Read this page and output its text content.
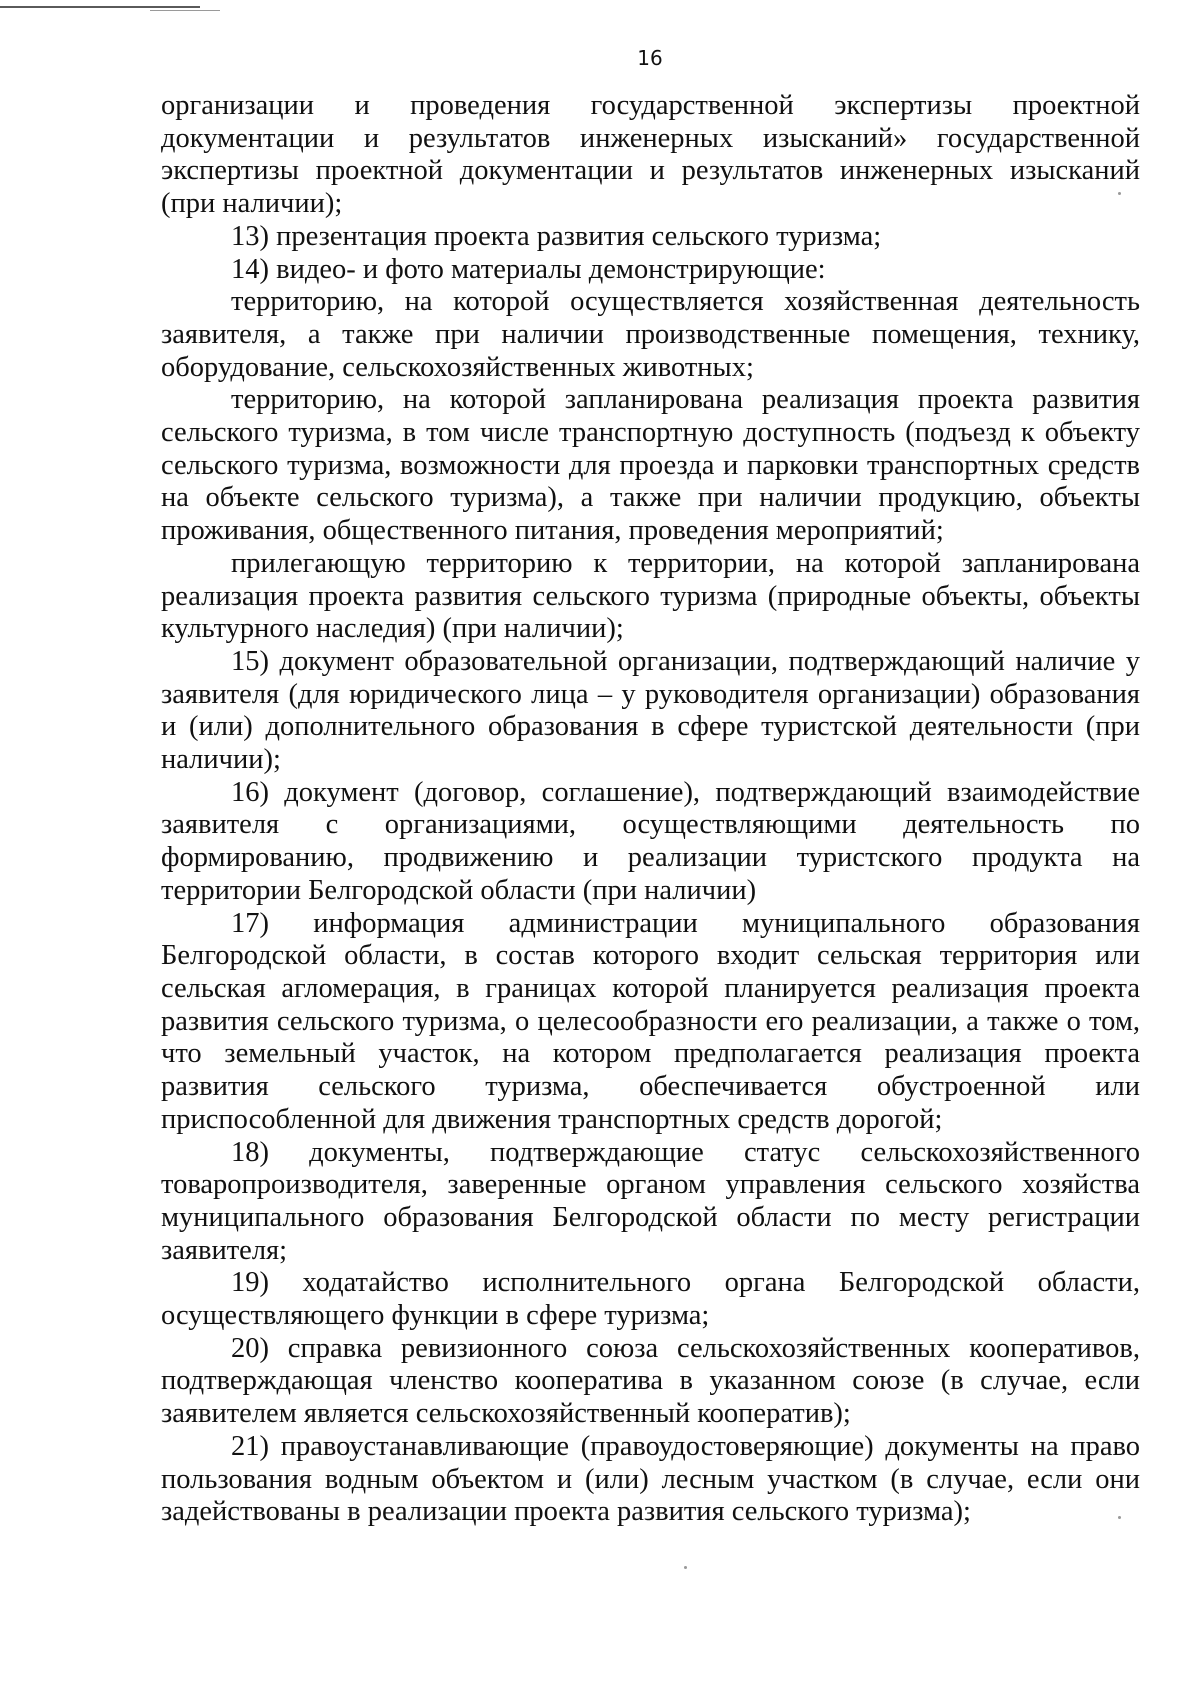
16

организации и проведения государственной экспертизы проектной документации и результатов инженерных изысканий» государственной экспертизы проектной документации и результатов инженерных изысканий (при наличии);

13) презентация проекта развития сельского туризма;

14) видео- и фото материалы демонстрирующие:

территорию, на которой осуществляется хозяйственная деятельность заявителя, а также при наличии производственные помещения, технику, оборудование, сельскохозяйственных животных;

территорию, на которой запланирована реализация проекта развития сельского туризма, в том числе транспортную доступность (подъезд к объекту сельского туризма, возможности для проезда и парковки транспортных средств на объекте сельского туризма), а также при наличии продукцию, объекты проживания, общественного питания, проведения мероприятий;

прилегающую территорию к территории, на которой запланирована реализация проекта развития сельского туризма (природные объекты, объекты культурного наследия) (при наличии);

15) документ образовательной организации, подтверждающий наличие у заявителя (для юридического лица – у руководителя организации) образования и (или) дополнительного образования в сфере туристской деятельности (при наличии);

16) документ (договор, соглашение), подтверждающий взаимодействие заявителя с организациями, осуществляющими деятельность по формированию, продвижению и реализации туристского продукта на территории Белгородской области (при наличии)

17) информация администрации муниципального образования Белгородской области, в состав которого входит сельская территория или сельская агломерация, в границах которой планируется реализация проекта развития сельского туризма, о целесообразности его реализации, а также о том, что земельный участок, на котором предполагается реализация проекта развития сельского туризма, обеспечивается обустроенной или приспособленной для движения транспортных средств дорогой;

18) документы, подтверждающие статус сельскохозяйственного товаропроизводителя, заверенные органом управления сельского хозяйства муниципального образования Белгородской области по месту регистрации заявителя;

19) ходатайство исполнительного органа Белгородской области, осуществляющего функции в сфере туризма;

20) справка ревизионного союза сельскохозяйственных кооперативов, подтверждающая членство кооператива в указанном союзе (в случае, если заявителем является сельскохозяйственный кооператив);

21) правоустанавливающие (правоудостоверяющие) документы на право пользования водным объектом и (или) лесным участком (в случае, если они задействованы в реализации проекта развития сельского туризма);
